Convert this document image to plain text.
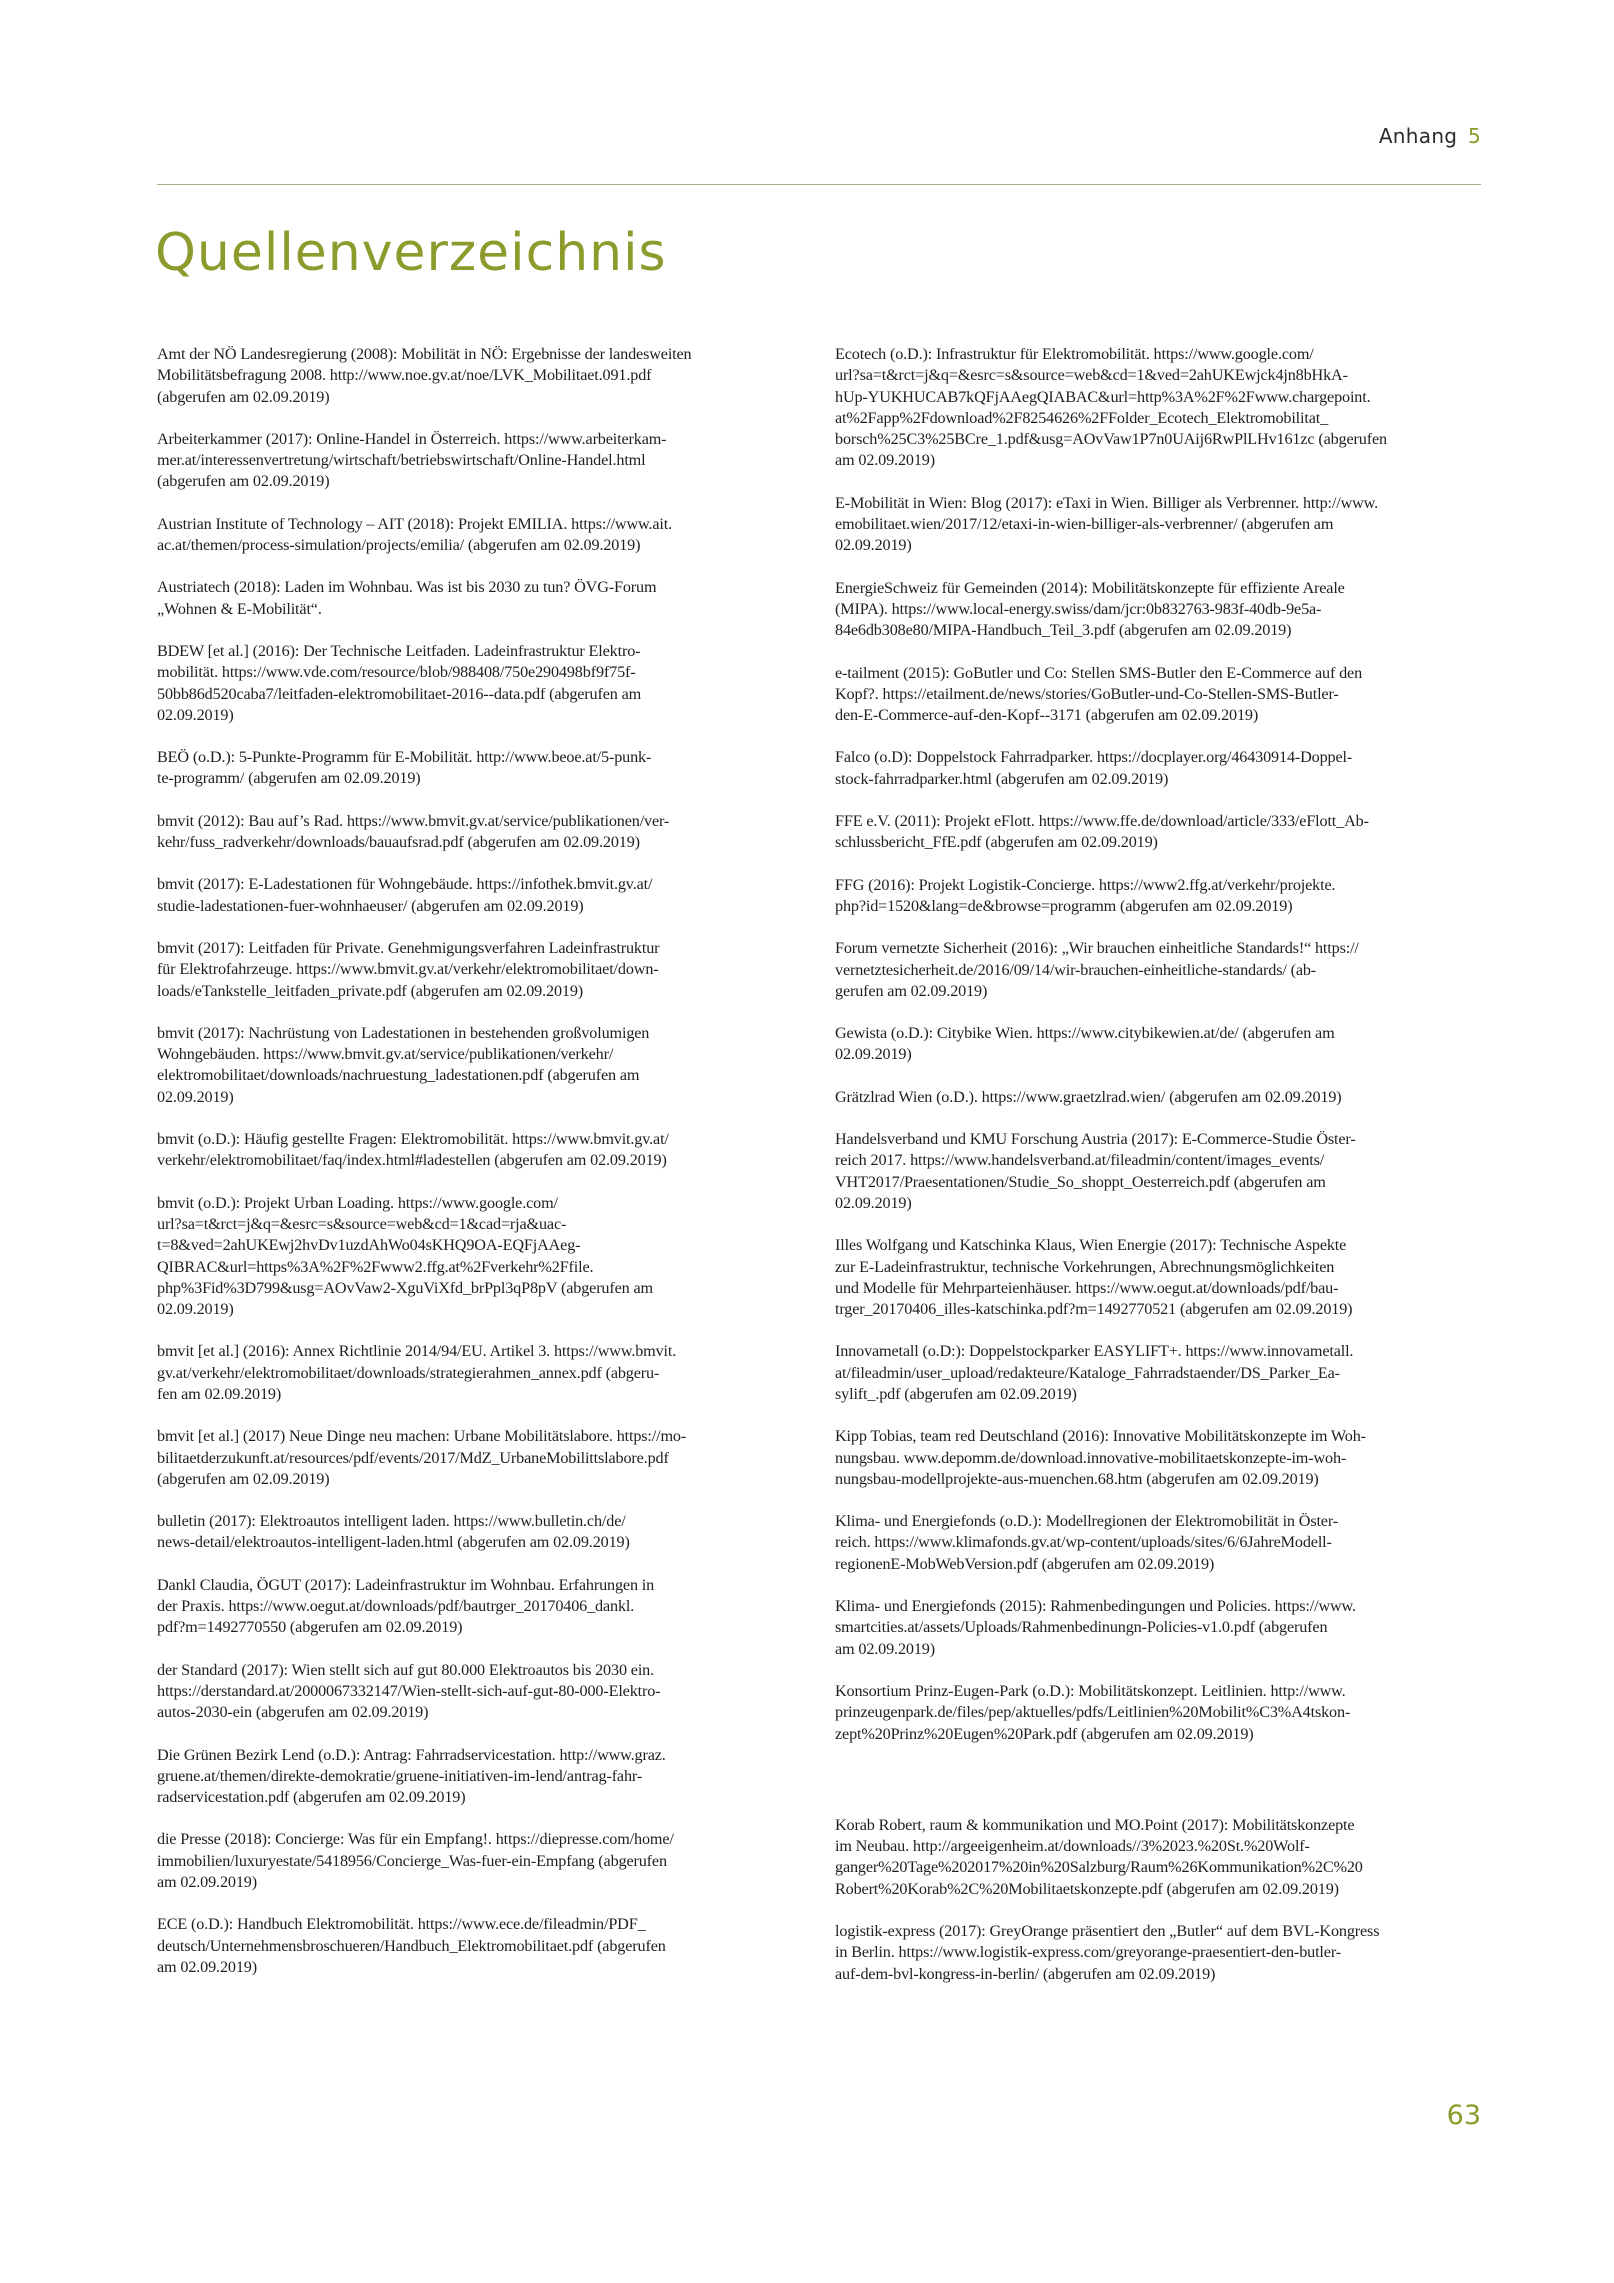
Anhang 5
Quellenverzeichnis

Amt der NÖ Landesregierung (2008): Mobilität in NÖ: Ergebnisse der landesweiten
Mobilitätsbefragung 2008. http://www.noe.gv.at/noe/LVK_Mobilitaet.091.pdf
(abgerufen am 02.09.2019)

Arbeiterkammer (2017): Online-Handel in Österreich. https://www.arbeiterkam-
mer.at/interessenvertretung/wirtschaft/betriebswirtschaft/Online-Handel.html
(abgerufen am 02.09.2019)

Austrian Institute of Technology – AIT (2018): Projekt EMILIA. https://www.ait.
ac.at/themen/process-simulation/projects/emilia/ (abgerufen am 02.09.2019)

Austriatech (2018): Laden im Wohnbau. Was ist bis 2030 zu tun? ÖVG-Forum
„Wohnen & E-Mobilität“.

BDEW [et al.] (2016): Der Technische Leitfaden. Ladeinfrastruktur Elektro-
mobilität. https://www.vde.com/resource/blob/988408/750e290498bf9f75f-
50bb86d520caba7/leitfaden-elektromobilitaet-2016--data.pdf (abgerufen am
02.09.2019)

BEÖ (o.D.): 5-Punkte-Programm für E-Mobilität. http://www.beoe.at/5-punk-
te-programm/ (abgerufen am 02.09.2019)

bmvit (2012): Bau auf’s Rad. https://www.bmvit.gv.at/service/publikationen/ver-
kehr/fuss_radverkehr/downloads/bauaufsrad.pdf (abgerufen am 02.09.2019)

bmvit (2017): E-Ladestationen für Wohngebäude. https://infothek.bmvit.gv.at/
studie-ladestationen-fuer-wohnhaeuser/ (abgerufen am 02.09.2019)

bmvit (2017): Leitfaden für Private. Genehmigungsverfahren Ladeinfrastruktur
für Elektrofahrzeuge. https://www.bmvit.gv.at/verkehr/elektromobilitaet/down-
loads/eTankstelle_leitfaden_private.pdf (abgerufen am 02.09.2019)

bmvit (2017): Nachrüstung von Ladestationen in bestehenden großvolumigen
Wohngebäuden. https://www.bmvit.gv.at/service/publikationen/verkehr/
elektromobilitaet/downloads/nachruestung_ladestationen.pdf (abgerufen am
02.09.2019)

bmvit (o.D.): Häufig gestellte Fragen: Elektromobilität. https://www.bmvit.gv.at/
verkehr/elektromobilitaet/faq/index.html#ladestellen (abgerufen am 02.09.2019)

bmvit (o.D.): Projekt Urban Loading. https://www.google.com/
url?sa=t&rct=j&q=&esrc=s&source=web&cd=1&cad=rja&uac-
t=8&ved=2ahUKEwj2hvDv1uzdAhWo04sKHQ9OA-EQFjAAeg-
QIBRAC&url=https%3A%2F%2Fwww2.ffg.at%2Fverkehr%2Ffile.
php%3Fid%3D799&usg=AOvVaw2-XguViXfd_brPpl3qP8pV (abgerufen am
02.09.2019)

bmvit [et al.] (2016): Annex Richtlinie 2014/94/EU. Artikel 3. https://www.bmvit.
gv.at/verkehr/elektromobilitaet/downloads/strategierahmen_annex.pdf (abgeru-
fen am 02.09.2019)

bmvit [et al.] (2017) Neue Dinge neu machen: Urbane Mobilitätslabore. https://mo-
bilitaetderzukunft.at/resources/pdf/events/2017/MdZ_UrbaneMobilittslabore.pdf
(abgerufen am 02.09.2019)

bulletin (2017): Elektroautos intelligent laden. https://www.bulletin.ch/de/
news-detail/elektroautos-intelligent-laden.html (abgerufen am 02.09.2019)

Dankl Claudia, ÖGUT (2017): Ladeinfrastruktur im Wohnbau. Erfahrungen in
der Praxis. https://www.oegut.at/downloads/pdf/bautrger_20170406_dankl.
pdf?m=1492770550 (abgerufen am 02.09.2019)

der Standard (2017): Wien stellt sich auf gut 80.000 Elektroautos bis 2030 ein.
https://derstandard.at/2000067332147/Wien-stellt-sich-auf-gut-80-000-Elektro-
autos-2030-ein (abgerufen am 02.09.2019)

Die Grünen Bezirk Lend (o.D.): Antrag: Fahrradservicestation. http://www.graz.
gruene.at/themen/direkte-demokratie/gruene-initiativen-im-lend/antrag-fahr-
radservicestation.pdf (abgerufen am 02.09.2019)

die Presse (2018): Concierge: Was für ein Empfang!. https://diepresse.com/home/
immobilien/luxuryestate/5418956/Concierge_Was-fuer-ein-Empfang (abgerufen
am 02.09.2019)

ECE (o.D.): Handbuch Elektromobilität. https://www.ece.de/fileadmin/PDF_
deutsch/Unternehmensbroschueren/Handbuch_Elektromobilitaet.pdf (abgerufen
am 02.09.2019)

Ecotech (o.D.): Infrastruktur für Elektromobilität. https://www.google.com/
url?sa=t&rct=j&q=&esrc=s&source=web&cd=1&ved=2ahUKEwjck4jn8bHkA-
hUp-YUKHUCAB7kQFjAAegQIABAC&url=http%3A%2F%2Fwww.chargepoint.
at%2Fapp%2Fdownload%2F8254626%2FFolder_Ecotech_Elektromobilitat_
borsch%25C3%25BCre_1.pdf&usg=AOvVaw1P7n0UAij6RwPlLHv161zc (abgerufen
am 02.09.2019)

E-Mobilität in Wien: Blog (2017): eTaxi in Wien. Billiger als Verbrenner. http://www.
emobilitaet.wien/2017/12/etaxi-in-wien-billiger-als-verbrenner/ (abgerufen am
02.09.2019)

EnergieSchweiz für Gemeinden (2014): Mobilitätskonzepte für effiziente Areale
(MIPA). https://www.local-energy.swiss/dam/jcr:0b832763-983f-40db-9e5a-
84e6db308e80/MIPA-Handbuch_Teil_3.pdf (abgerufen am 02.09.2019)

e-tailment (2015): GoButler und Co: Stellen SMS-Butler den E-Commerce auf den
Kopf?. https://etailment.de/news/stories/GoButler-und-Co-Stellen-SMS-Butler-
den-E-Commerce-auf-den-Kopf--3171 (abgerufen am 02.09.2019)

Falco (o.D): Doppelstock Fahrradparker. https://docplayer.org/46430914-Doppel-
stock-fahrradparker.html (abgerufen am 02.09.2019)

FFE e.V. (2011): Projekt eFlott. https://www.ffe.de/download/article/333/eFlott_Ab-
schlussbericht_FfE.pdf (abgerufen am 02.09.2019)

FFG (2016): Projekt Logistik-Concierge. https://www2.ffg.at/verkehr/projekte.
php?id=1520&lang=de&browse=programm (abgerufen am 02.09.2019)

Forum vernetzte Sicherheit (2016): „Wir brauchen einheitliche Standards!“ https://
vernetztesicherheit.de/2016/09/14/wir-brauchen-einheitliche-standards/ (ab-
gerufen am 02.09.2019)

Gewista (o.D.): Citybike Wien. https://www.citybikewien.at/de/ (abgerufen am
02.09.2019)

Grätzlrad Wien (o.D.). https://www.graetzlrad.wien/ (abgerufen am 02.09.2019)

Handelsverband und KMU Forschung Austria (2017): E-Commerce-Studie Öster-
reich 2017. https://www.handelsverband.at/fileadmin/content/images_events/
VHT2017/Praesentationen/Studie_So_shoppt_Oesterreich.pdf (abgerufen am
02.09.2019)

Illes Wolfgang und Katschinka Klaus, Wien Energie (2017): Technische Aspekte
zur E-Ladeinfrastruktur, technische Vorkehrungen, Abrechnungsmöglichkeiten
und Modelle für Mehrparteienhäuser. https://www.oegut.at/downloads/pdf/bau-
trger_20170406_illes-katschinka.pdf?m=1492770521 (abgerufen am 02.09.2019)

Innovametall (o.D:): Doppelstockparker EASYLIFT+. https://www.innovametall.
at/fileadmin/user_upload/redakteure/Kataloge_Fahrradstaender/DS_Parker_Ea-
sylift_.pdf (abgerufen am 02.09.2019)

Kipp Tobias, team red Deutschland (2016): Innovative Mobilitätskonzepte im Woh-
nungsbau. www.depomm.de/download.innovative-mobilitaetskonzepte-im-woh-
nungsbau-modellprojekte-aus-muenchen.68.htm (abgerufen am 02.09.2019)

Klima- und Energiefonds (o.D.): Modellregionen der Elektromobilität in Öster-
reich. https://www.klimafonds.gv.at/wp-content/uploads/sites/6/6JahreModell-
regionenE-MobWebVersion.pdf (abgerufen am 02.09.2019)

Klima- und Energiefonds (2015): Rahmenbedingungen und Policies. https://www.
smartcities.at/assets/Uploads/Rahmenbedinungn-Policies-v1.0.pdf (abgerufen
am 02.09.2019)

Konsortium Prinz-Eugen-Park (o.D.): Mobilitätskonzept. Leitlinien. http://www.
prinzeugenpark.de/files/pep/aktuelles/pdfs/Leitlinien%20Mobilit%C3%A4tskon-
zept%20Prinz%20Eugen%20Park.pdf (abgerufen am 02.09.2019)

Korab Robert, raum & kommunikation und MO.Point (2017): Mobilitätskonzepte
im Neubau. http://argeeigenheim.at/downloads//3%2023.%20St.%20Wolf-
ganger%20Tage%202017%20in%20Salzburg/Raum%26Kommunikation%2C%20
Robert%20Korab%2C%20Mobilitaetskonzepte.pdf (abgerufen am 02.09.2019)

logistik-express (2017): GreyOrange präsentiert den „Butler“ auf dem BVL-Kongress
in Berlin. https://www.logistik-express.com/greyorange-praesentiert-den-butler-
auf-dem-bvl-kongress-in-berlin/ (abgerufen am 02.09.2019)

63
